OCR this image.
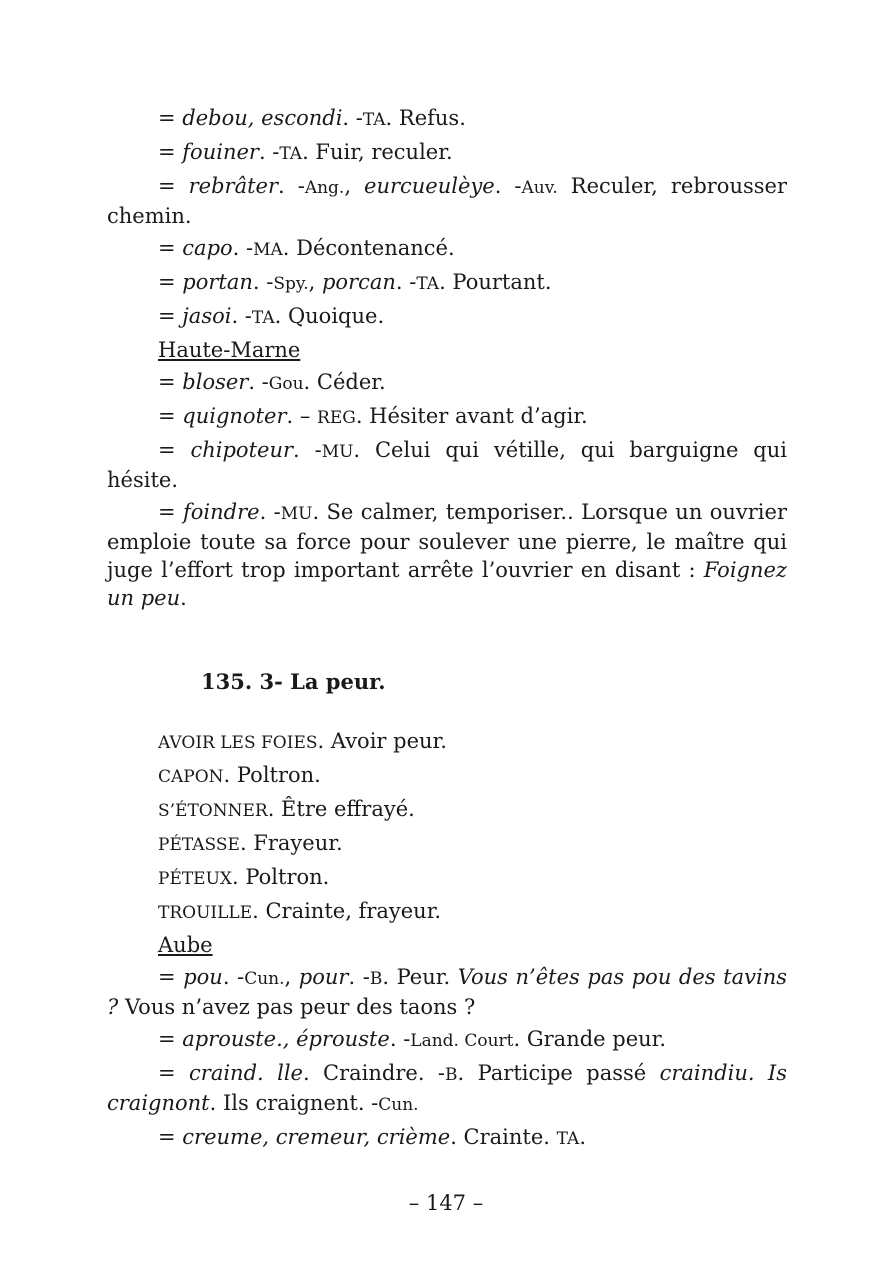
= debou, escondi. -TA. Refus.

= fouiner. -TA. Fuir, reculer.

= rebrâter. -Ang., eurcueulèye. -Auv. Reculer, rebrousser chemin.

= capo. -MA. Décontenancé.

= portan. -Spy., porcan. -TA. Pourtant.

= jasoi. -TA. Quoique.

Haute-Marne

= bloser. -Gou. Céder.

= quignoter. – REG. Hésiter avant d’agir.

= chipoteur. -MU. Celui qui vétille, qui barguigne qui hésite.

= foindre. -MU. Se calmer, temporiser.. Lorsque un ouvrier emploie toute sa force pour soulever une pierre, le maître qui juge l’effort trop important arrête l’ouvrier en disant : Foignez un peu.

135. 3- La peur.

AVOIR LES FOIES. Avoir peur.

CAPON. Poltron.

S’ÉTONNER. Être effrayé.

PÉTASSE. Frayeur.

PÉTEUX. Poltron.

TROUILLE. Crainte, frayeur.

Aube

= pou. -Cun., pour. -B. Peur. Vous n’êtes pas pou des tavins ? Vous n’avez pas peur des taons ?

= aprouste., éprouste. -Land. Court. Grande peur.

= craind. lle. Craindre. -B. Participe passé craindiu. Is craignont. Ils craignent. -Cun.

= creume, cremeur, crième. Crainte. TA.

– 147 –
